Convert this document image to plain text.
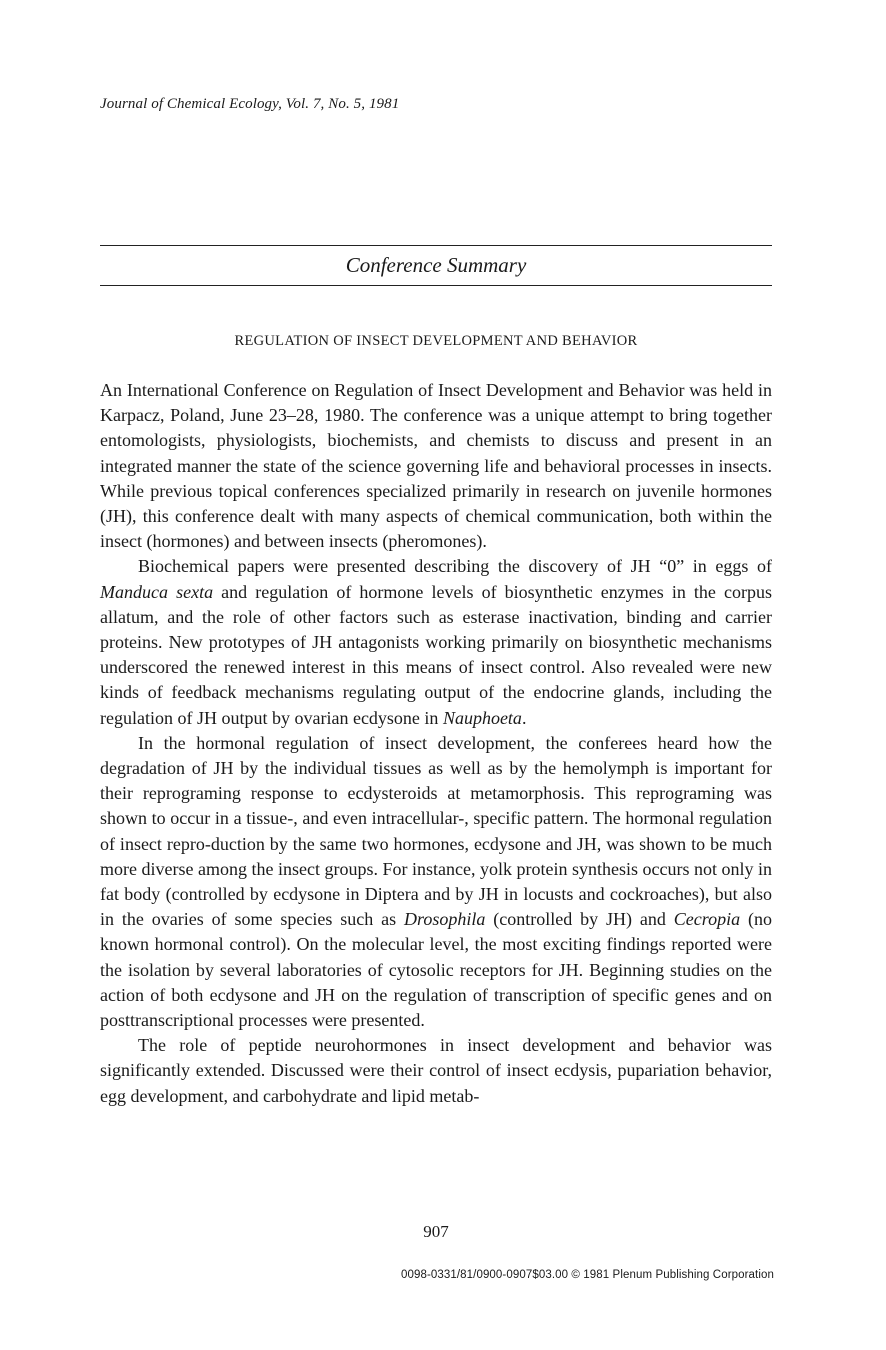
Journal of Chemical Ecology, Vol. 7, No. 5, 1981
Conference Summary
REGULATION OF INSECT DEVELOPMENT AND BEHAVIOR

An International Conference on Regulation of Insect Development and Behavior was held in Karpacz, Poland, June 23–28, 1980. The conference was a unique attempt to bring together entomologists, physiologists, biochemists, and chemists to discuss and present in an integrated manner the state of the science governing life and behavioral processes in insects. While previous topical conferences specialized primarily in research on juvenile hormones (JH), this conference dealt with many aspects of chemical communication, both within the insect (hormones) and between insects (pheromones).

Biochemical papers were presented describing the discovery of JH “0” in eggs of Manduca sexta and regulation of hormone levels of biosynthetic enzymes in the corpus allatum, and the role of other factors such as esterase inactivation, binding and carrier proteins. New prototypes of JH antagonists working primarily on biosynthetic mechanisms underscored the renewed interest in this means of insect control. Also revealed were new kinds of feedback mechanisms regulating output of the endocrine glands, including the regulation of JH output by ovarian ecdysone in Nauphoeta.

In the hormonal regulation of insect development, the conferees heard how the degradation of JH by the individual tissues as well as by the hemolymph is important for their reprograming response to ecdysteroids at metamorphosis. This reprograming was shown to occur in a tissue-, and even intracellular-, specific pattern. The hormonal regulation of insect repro-duction by the same two hormones, ecdysone and JH, was shown to be much more diverse among the insect groups. For instance, yolk protein synthesis occurs not only in fat body (controlled by ecdysone in Diptera and by JH in locusts and cockroaches), but also in the ovaries of some species such as Drosophila (controlled by JH) and Cecropia (no known hormonal control). On the molecular level, the most exciting findings reported were the isolation by several laboratories of cytosolic receptors for JH. Beginning studies on the action of both ecdysone and JH on the regulation of transcription of specific genes and on posttranscriptional processes were presented.

The role of peptide neurohormones in insect development and behavior was significantly extended. Discussed were their control of insect ecdysis, pupariation behavior, egg development, and carbohydrate and lipid metab-

907
0098-0331/81/0900-0907$03.00 © 1981 Plenum Publishing Corporation
